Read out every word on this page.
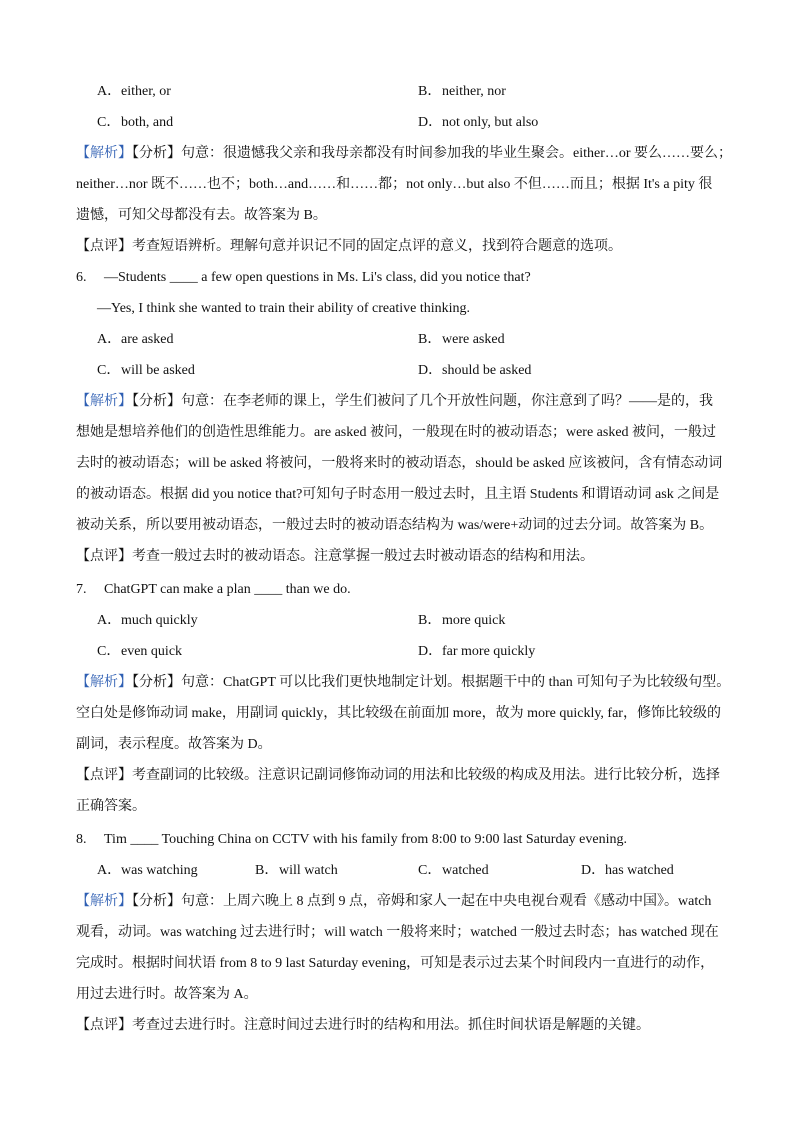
A．either, or	B．neither, nor
C．both, and	D．not only, but also
【解析】【分析】句意：很遗憾我父亲和我母亲都没有时间参加我的毕业生聚会。either…or 要么……要么；
neither…nor 既不……也不；both…and……和……都；not only…but also 不但……而且；根据 It's a pity 很
遗憾，可知父母都没有去。故答案为 B。
【点评】考查短语辨析。理解句意并识记不同的固定点评的意义，找到符合题意的选项。
6. —Students ____ a few open questions in Ms. Li's class, did you notice that?
—Yes, I think she wanted to train their ability of creative thinking.
A．are asked	B．were asked
C．will be asked	D．should be asked
【解析】【分析】句意：在李老师的课上，学生们被问了几个开放性问题，你注意到了吗？——是的，我
想她是想培养他们的创造性思维能力。are asked 被问，一般现在时的被动语态；were asked 被问，一般过
去时的被动语态；will be asked 将被问，一般将来时的被动语态，should be asked 应该被问，含有情态动词
的被动语态。根据 did you notice that?可知句子时态用一般过去时，且主语 Students 和谓语动词 ask 之间是
被动关系，所以要用被动语态，一般过去时的被动语态结构为 was/were+动词的过去分词。故答案为 B。
【点评】考查一般过去时的被动语态。注意掌握一般过去时被动语态的结构和用法。
7. ChatGPT can make a plan ____ than we do.
A．much quickly	B．more quick
C．even quick	D．far more quickly
【解析】【分析】句意：ChatGPT 可以比我们更快地制定计划。根据题干中的 than 可知句子为比较级句型。
空白处是修饰动词 make，用副词 quickly，其比较级在前面加 more，故为 more quickly, far，修饰比较级的
副词，表示程度。故答案为 D。
【点评】考查副词的比较级。注意识记副词修饰动词的用法和比较级的构成及用法。进行比较分析，选择
正确答案。
8. Tim ____ Touching China on CCTV with his family from 8:00 to 9:00 last Saturday evening.
A．was watching	B．will watch	C．watched	D．has watched
【解析】【分析】句意：上周六晚上 8 点到 9 点，帝姆和家人一起在中央电视台观看《感动中国》。watch
观看，动词。was watching 过去进行时；will watch 一般将来时；watched 一般过去时态；has watched 现在
完成时。根据时间状语 from 8 to 9 last Saturday evening，可知是表示过去某个时间段内一直进行的动作，
用过去进行时。故答案为 A。
【点评】考查过去进行时。注意时间过去进行时的结构和用法。抓住时间状语是解题的关键。
